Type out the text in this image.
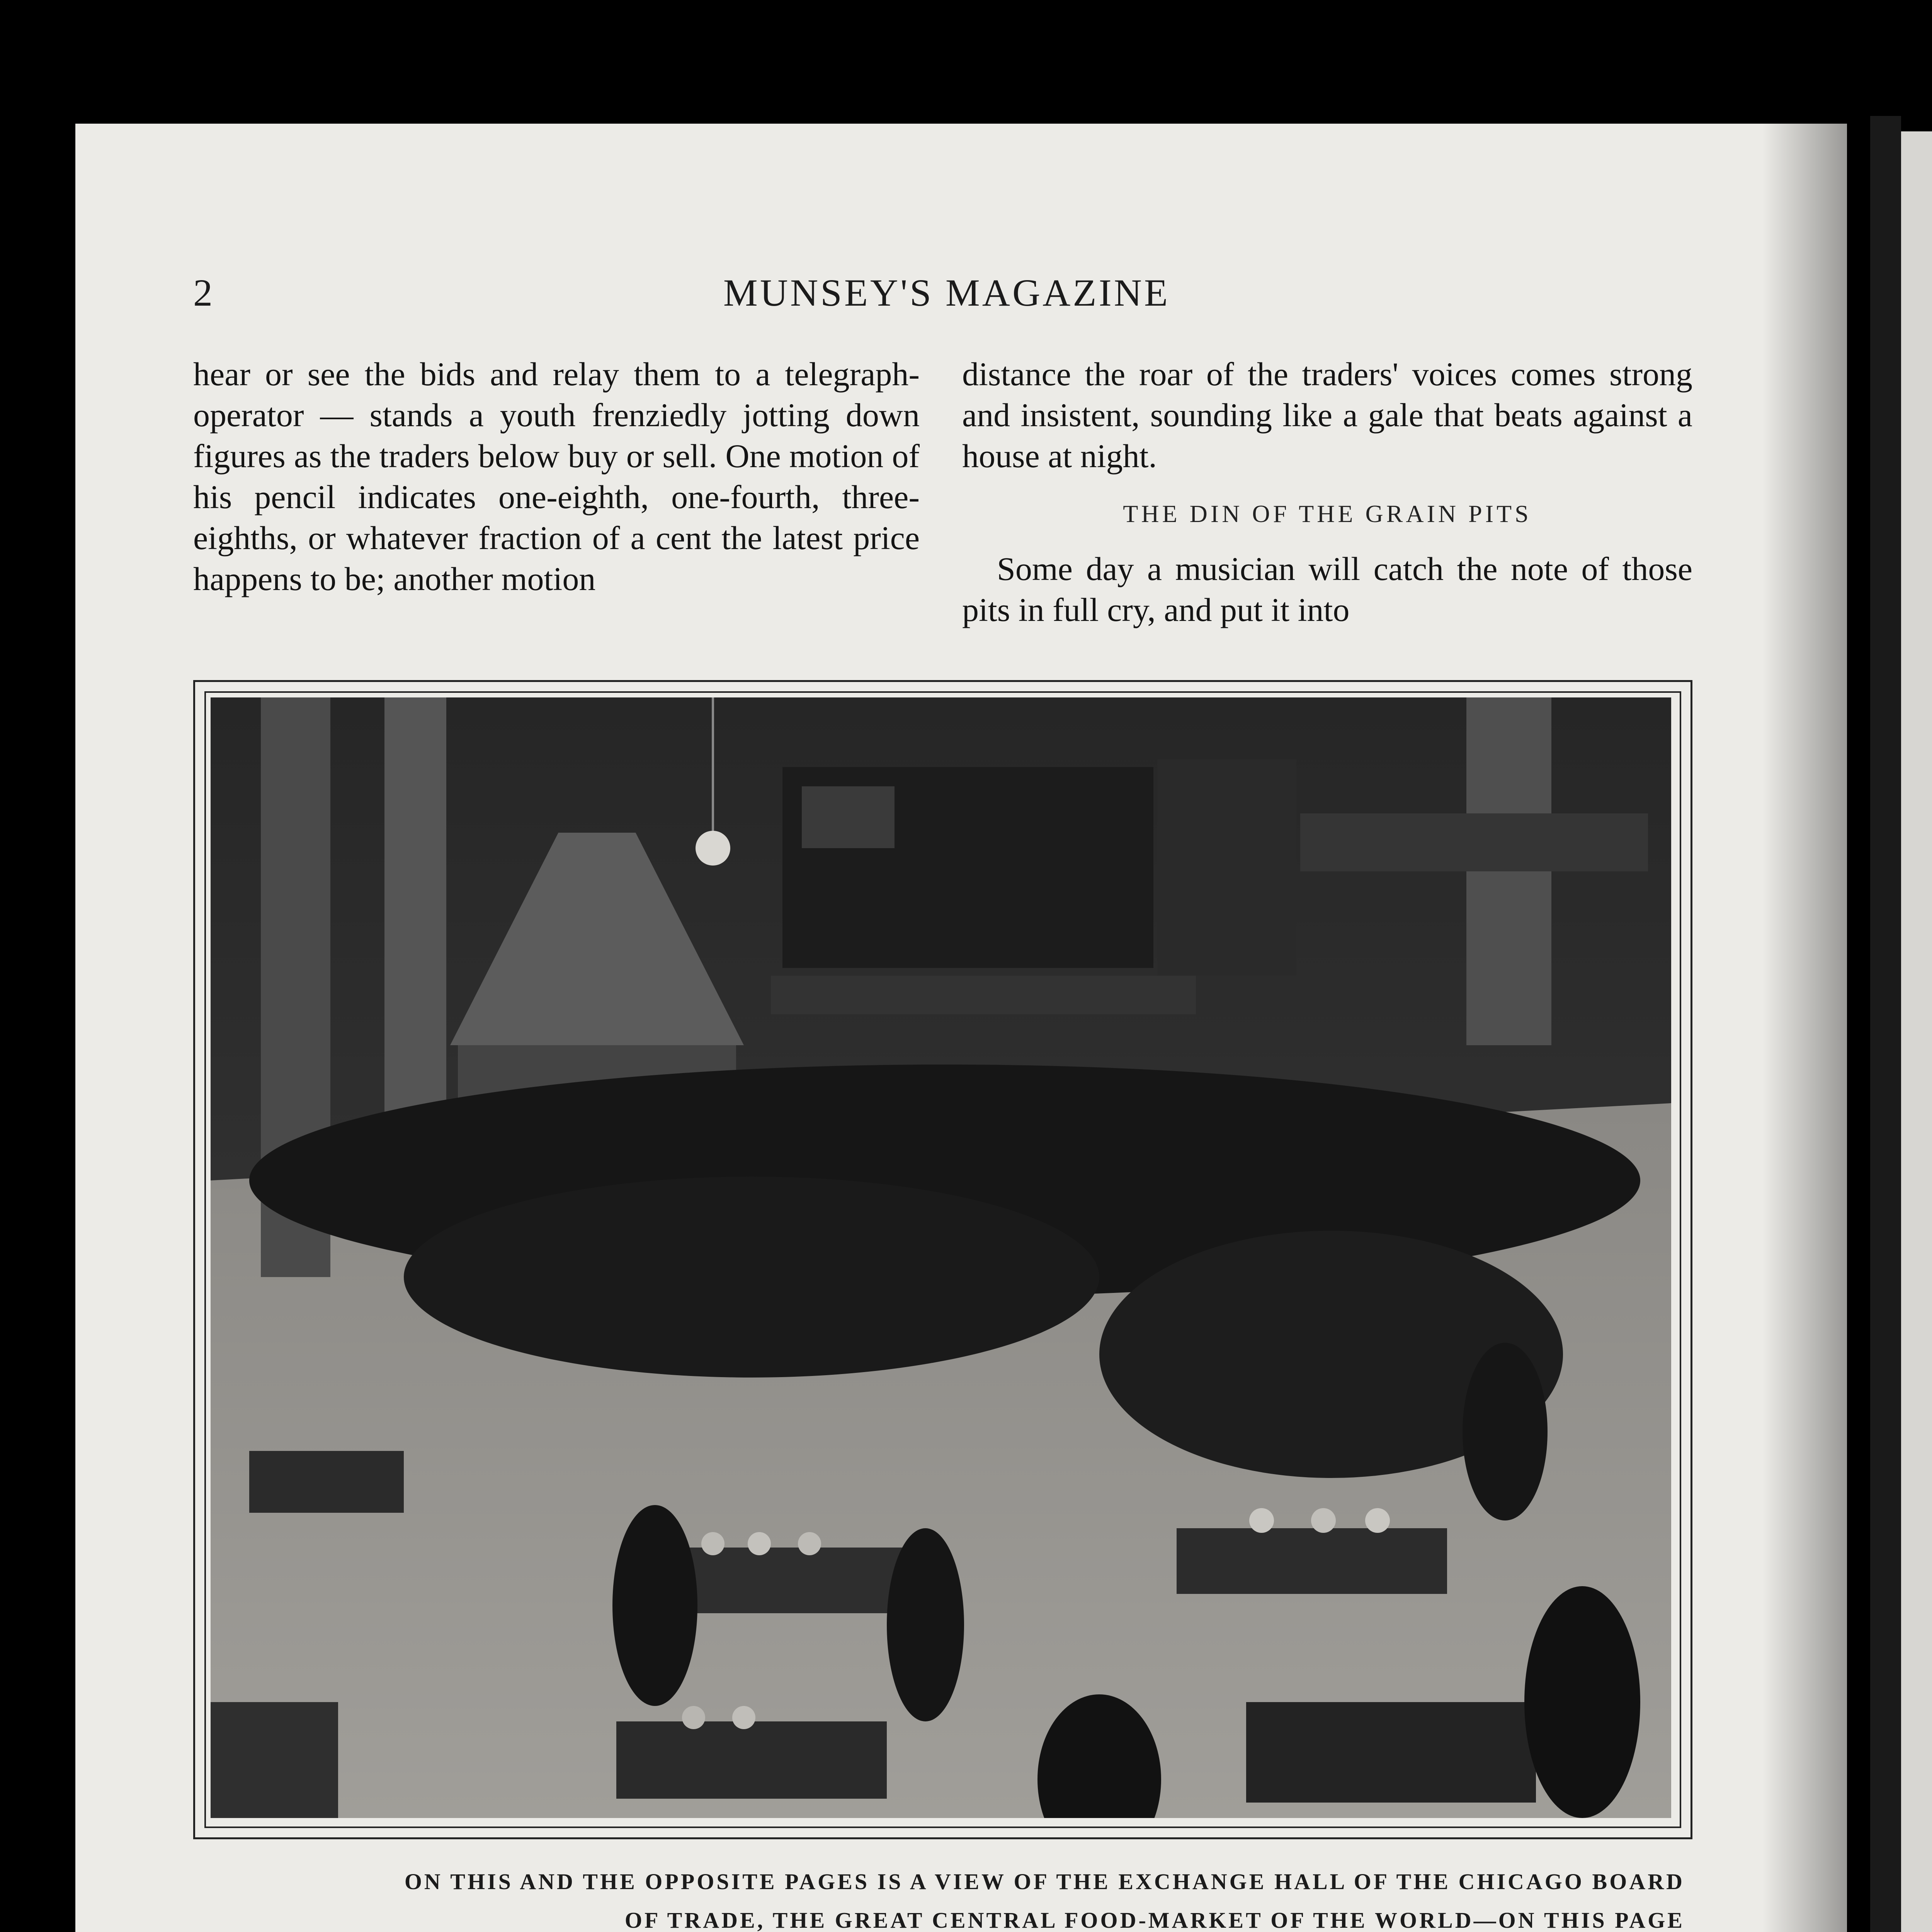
2	MUNSEY'S MAGAZINE

hear or see the bids and relay them to a telegraph-operator — stands a youth frenziedly jotting down figures as the traders below buy or sell. One motion of his pencil indicates one-eighth, one-fourth, three-eighths, or whatever fraction of a cent the latest price happens to be; another motion

distance the roar of the traders' voices comes strong and insistent, sounding like a gale that beats against a house at night.

THE DIN OF THE GRAIN PITS

Some day a musician will catch the note of those pits in full cry, and put it into

ON THIS AND THE OPPOSITE PAGES IS A VIEW OF THE EXCHANGE HALL OF THE CHICAGO BOARD
OF TRADE, THE GREAT CENTRAL FOOD-MARKET OF THE WORLD—ON THIS PAGE
